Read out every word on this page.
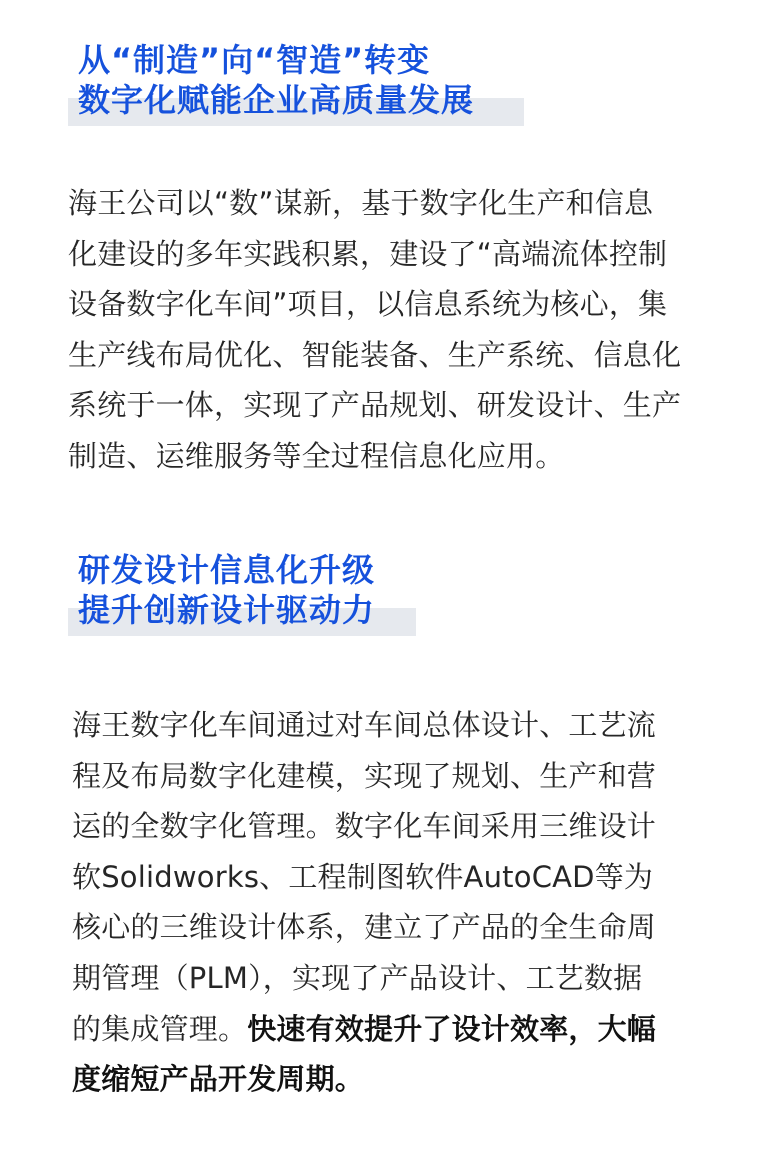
从“制造”向“智造”转变
数字化赋能企业高质量发展
海王公司以“数”谋新，基于数字化生产和信息
化建设的多年实践积累，建设了“高端流体控制
设备数字化车间”项目，以信息系统为核心，集
生产线布局优化、智能装备、生产系统、信息化
系统于一体，实现了产品规划、研发设计、生产
制造、运维服务等全过程信息化应用。
研发设计信息化升级
提升创新设计驱动力
海王数字化车间通过对车间总体设计、工艺流
程及布局数字化建模，实现了规划、生产和营
运的全数字化管理。数字化车间采用三维设计
软Solidworks、工程制图软件AutoCAD等为
核心的三维设计体系，建立了产品的全生命周
期管理（PLM），实现了产品设计、工艺数据
的集成管理。快速有效提升了设计效率，大幅
度缩短产品开发周期。
